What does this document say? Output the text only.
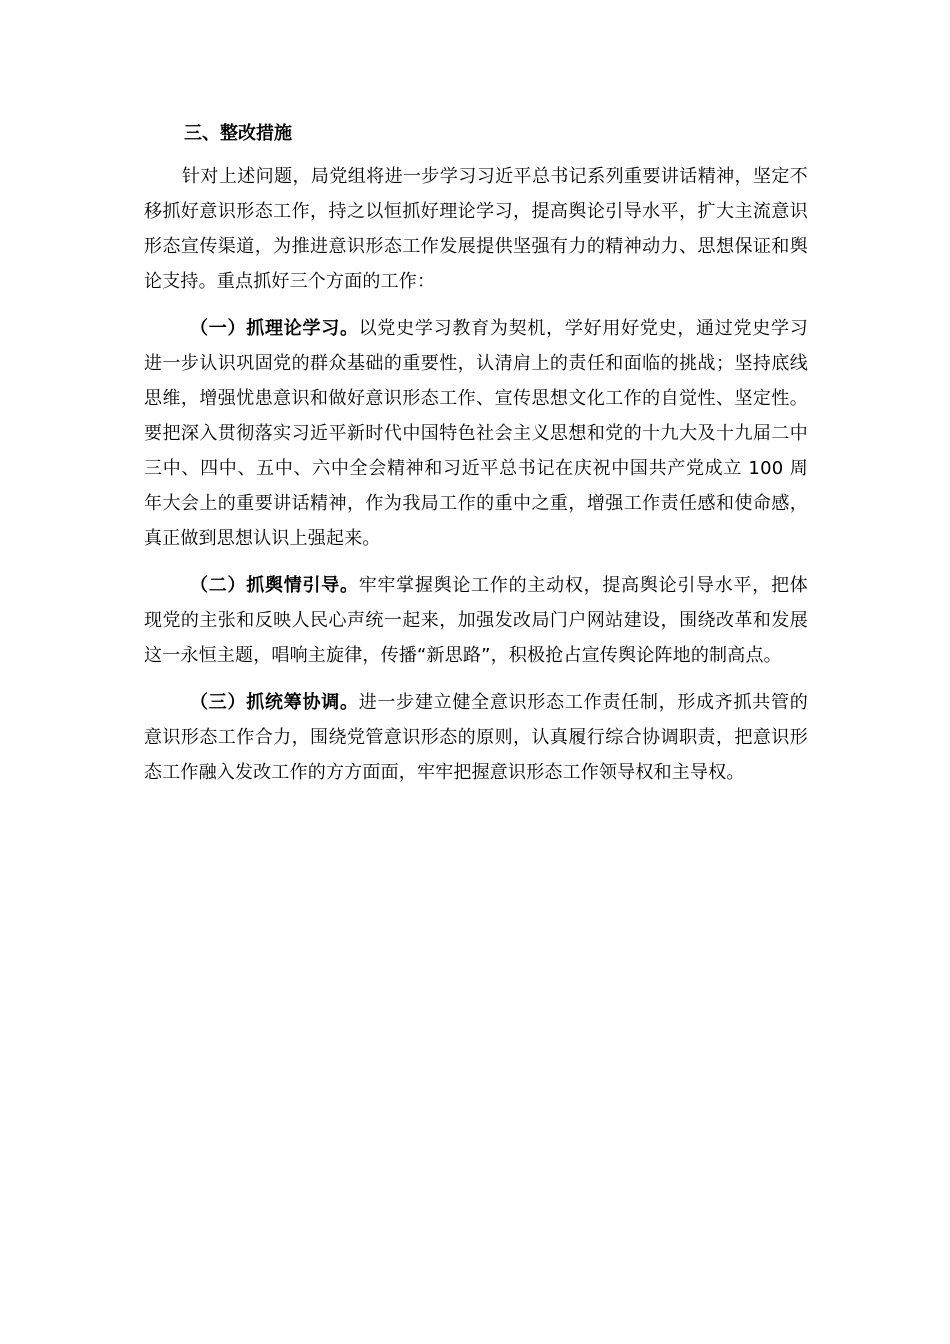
三、整改措施

针对上述问题，局党组将进一步学习习近平总书记系列重要讲话精神，坚定不移抓好意识形态工作，持之以恒抓好理论学习，提高舆论引导水平，扩大主流意识形态宣传渠道，为推进意识形态工作发展提供坚强有力的精神动力、思想保证和舆论支持。重点抓好三个方面的工作：

（一）抓理论学习。以党史学习教育为契机，学好用好党史，通过党史学习进一步认识巩固党的群众基础的重要性，认清肩上的责任和面临的挑战；坚持底线思维，增强忧患意识和做好意识形态工作、宣传思想文化工作的自觉性、坚定性。要把深入贯彻落实习近平新时代中国特色社会主义思想和党的十九大及十九届二中三中、四中、五中、六中全会精神和习近平总书记在庆祝中国共产党成立 100 周年大会上的重要讲话精神，作为我局工作的重中之重，增强工作责任感和使命感，真正做到思想认识上强起来。

（二）抓舆情引导。牢牢掌握舆论工作的主动权，提高舆论引导水平，把体现党的主张和反映人民心声统一起来，加强发改局门户网站建设，围绕改革和发展这一永恒主题，唱响主旋律，传播“新思路”，积极抢占宣传舆论阵地的制高点。

（三）抓统筹协调。进一步建立健全意识形态工作责任制，形成齐抓共管的意识形态工作合力，围绕党管意识形态的原则，认真履行综合协调职责，把意识形态工作融入发改工作的方方面面，牢牢把握意识形态工作领导权和主导权。
